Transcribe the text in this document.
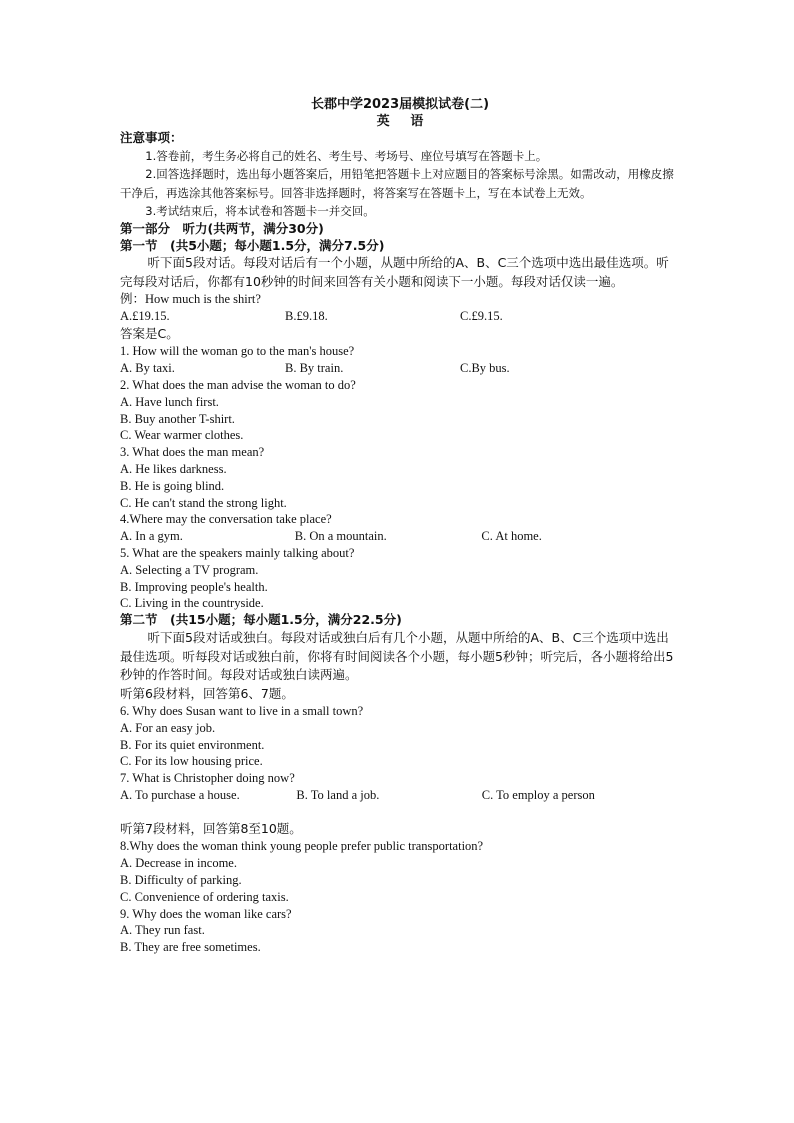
长郡中学2023届模拟试卷(二)
英语
注意事项：
1.答卷前，考生务必将自己的姓名、考生号、考场号、座位号填写在答题卡上。
2.回答选择题时，选出每小题答案后，用铅笔把答题卡上对应题目的答案标号涂黑。如需改动，用橡皮擦干净后，再选涂其他答案标号。回答非选择题时，将答案写在答题卡上，写在本试卷上无效。
3.考试结束后，将本试卷和答题卡一并交回。
第一部分　听力(共两节，满分30分)
第一节　(共5小题；每小题1.5分，满分7.5分)
听下面5段对话。每段对话后有一个小题，从题中所给的A、B、C三个选项中选出最佳选项。听完每段对话后，你都有10秒钟的时间来回答有关小题和阅读下一小题。每段对话仅读一遍。
例：How much is the shirt?
A.£19.15.	B.£9.18.	C.£9.15.
答案是C。
1. How will the woman go to the man's house?
A. By taxi.	B. By train.	C.By bus.
2. What does the man advise the woman to do?
A. Have lunch first.
B. Buy another T-shirt.
C. Wear warmer clothes.
3. What does the man mean?
A. He likes darkness.
B. He is going blind.
C. He can't stand the strong light.
4.Where may the conversation take place?
A. In a gym.	B. On a mountain.	C. At home.
5. What are the speakers mainly talking about?
A. Selecting a TV program.
B. Improving people's health.
C. Living in the countryside.
第二节　(共15小题；每小题1.5分，满分22.5分)
听下面5段对话或独白。每段对话或独白后有几个小题，从题中所给的A、B、C三个选项中选出最佳选项。听每段对话或独白前，你将有时间阅读各个小题，每小题5秒钟；听完后，各小题将给出5秒钟的作答时间。每段对话或独白读两遍。
听第6段材料，回答第6、7题。
6. Why does Susan want to live in a small town?
A. For an easy job.
B. For its quiet environment.
C. For its low housing price.
7. What is Christopher doing now?
A. To purchase a house.	B. To land a job.	C. To employ a person
听第7段材料，回答第8至10题。
8.Why does the woman think young people prefer public transportation?
A. Decrease in income.
B. Difficulty of parking.
C. Convenience of ordering taxis.
9. Why does the woman like cars?
A. They run fast.
B. They are free sometimes.
